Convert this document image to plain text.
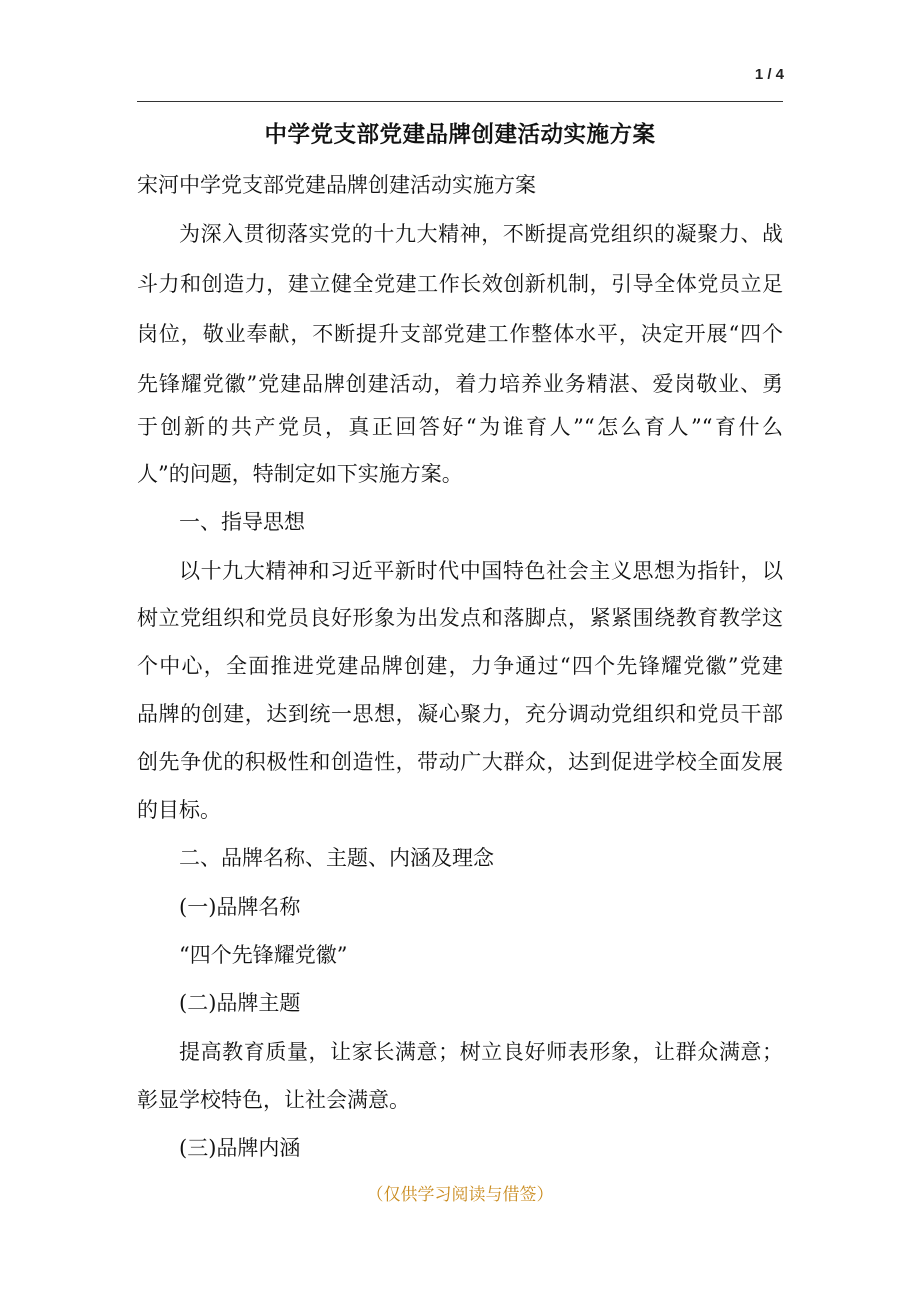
1 / 4
中学党支部党建品牌创建活动实施方案
宋河中学党支部党建品牌创建活动实施方案
为深入贯彻落实党的十九大精神，不断提高党组织的凝聚力、战
斗力和创造力，建立健全党建工作长效创新机制，引导全体党员立足
岗位，敬业奉献，不断提升支部党建工作整体水平，决定开展“四个
先锋耀党徽”党建品牌创建活动，着力培养业务精湛、爱岗敬业、勇
于创新的共产党员，真正回答好“为谁育人”“怎么育人”“育什么
人”的问题，特制定如下实施方案。
一、指导思想
以十九大精神和习近平新时代中国特色社会主义思想为指针，以
树立党组织和党员良好形象为出发点和落脚点，紧紧围绕教育教学这
个中心，全面推进党建品牌创建，力争通过“四个先锋耀党徽”党建
品牌的创建，达到统一思想，凝心聚力，充分调动党组织和党员干部
创先争优的积极性和创造性，带动广大群众，达到促进学校全面发展
的目标。
二、品牌名称、主题、内涵及理念
(一)品牌名称
“四个先锋耀党徽”
(二)品牌主题
提高教育质量，让家长满意；树立良好师表形象，让群众满意；
彰显学校特色，让社会满意。
(三)品牌内涵
（仅供学习阅读与借签）
